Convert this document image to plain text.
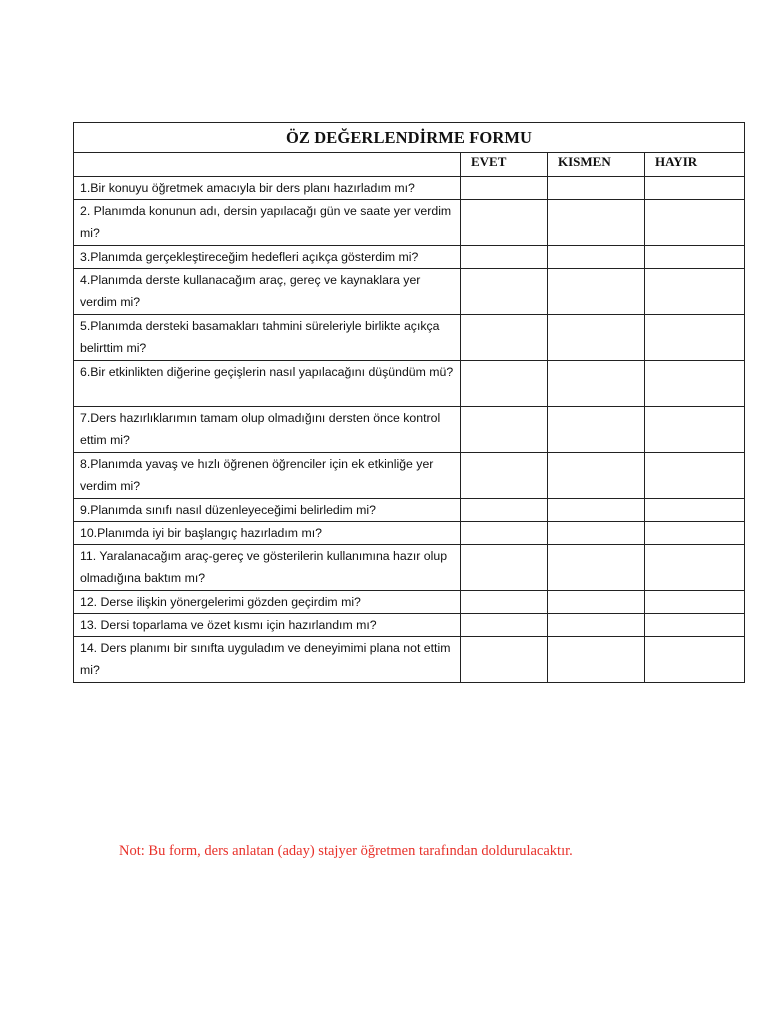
ÖZ DEĞERLENDİRME FORMU			
	EVET	KISMEN	HAYIR
1.Bir konuyu öğretmek amacıyla bir ders planı hazırladım mı?			
2. Planımda konunun adı, dersin yapılacağı gün ve saate yer verdim mi?			
3.Planımda gerçekleştireceğim hedefleri açıkça gösterdim mi?			
4.Planımda derste kullanacağım araç, gereç ve kaynaklara yer verdim mi?			
5.Planımda dersteki basamakları tahmini süreleriyle birlikte açıkça belirttim mi?			
6.Bir etkinlikten diğerine geçişlerin nasıl yapılacağını düşündüm mü?			
7.Ders hazırlıklarımın tamam olup olmadığını dersten önce kontrol ettim mi?			
8.Planımda yavaş ve hızlı öğrenen öğrenciler için ek etkinliğe yer verdim mi?			
9.Planımda sınıfı nasıl düzenleyeceğimi belirledim mi?			
10.Planımda iyi bir başlangıç hazırladım mı?			
11. Yaralanacağım araç-gereç ve gösterilerin kullanımına hazır olup olmadığına baktım mı?			
12. Derse ilişkin yönergelerimi gözden geçirdim mi?			
13. Dersi toparlama ve özet kısmı için hazırlandım mı?			
14. Ders planımı bir sınıfta uyguladım ve deneyimimi plana not ettim mi?			
Not: Bu form, ders anlatan (aday) stajyer öğretmen tarafından doldurulacaktır.
